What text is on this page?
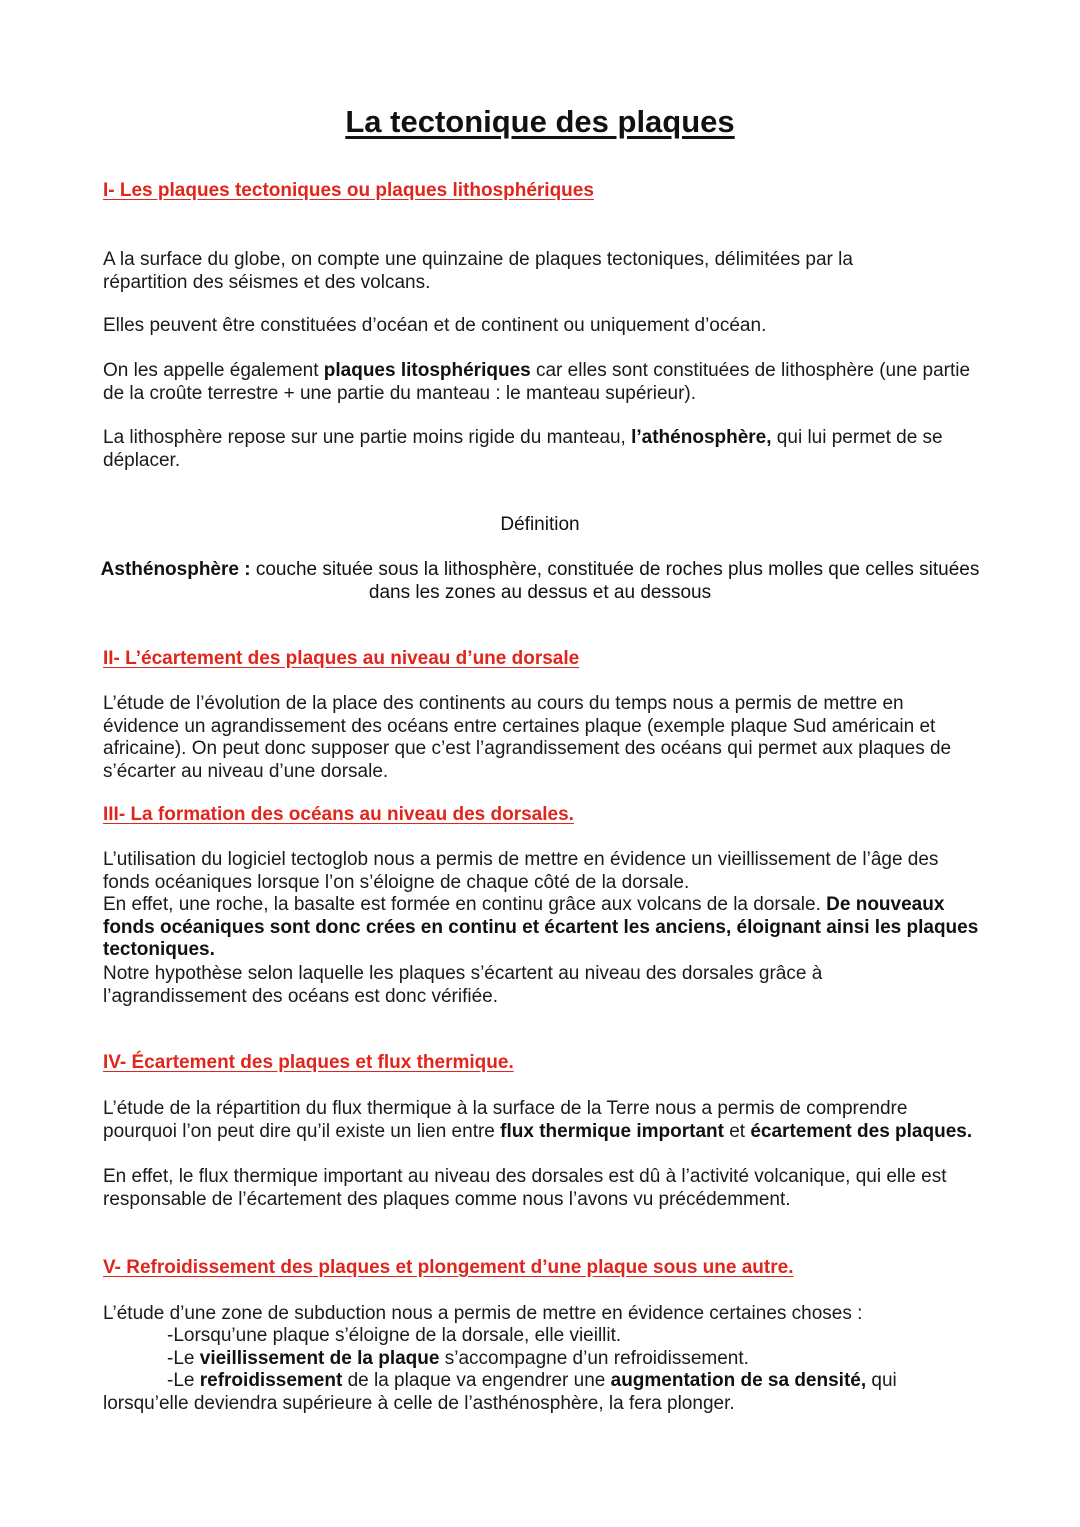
La tectonique des plaques
I- Les plaques tectoniques ou plaques lithosphériques

A la surface du globe, on compte une quinzaine de plaques tectoniques, délimitées par la répartition des séismes et des volcans.

Elles peuvent être constituées d’océan et de continent ou uniquement d’océan.

On les appelle également plaques litosphériques car elles sont constituées de lithosphère (une partie de la croûte terrestre + une partie du manteau : le manteau supérieur).

La lithosphère repose sur une partie moins rigide du manteau, l’athénosphère, qui lui permet de se déplacer.

Définition

Asthénosphère : couche située sous la lithosphère, constituée de roches plus molles que celles situées dans les zones au dessus et au dessous

II- L’écartement des plaques au niveau d’une dorsale

L’étude de l’évolution de la place des continents au cours du temps nous a permis de mettre en évidence un agrandissement des océans entre certaines plaque (exemple plaque Sud américain et africaine). On peut donc supposer que c’est l’agrandissement des océans qui permet aux plaques de s’écarter au niveau d’une dorsale.

III- La formation des océans au niveau des dorsales.

L’utilisation du logiciel tectoglob nous a permis de mettre en évidence un vieillissement de l’âge des fonds océaniques lorsque l’on s’éloigne de chaque côté de la dorsale.

En effet, une roche, la basalte est formée en continu grâce aux volcans de la dorsale. De nouveaux fonds océaniques sont donc crées en continu et écartent les anciens, éloignant ainsi les plaques tectoniques.

Notre hypothèse selon laquelle les plaques s’écartent au niveau des dorsales grâce à l’agrandissement des océans est donc vérifiée.

IV- Écartement des plaques et flux thermique.

L’étude de la répartition du flux thermique à la surface de la Terre nous a permis de comprendre pourquoi l’on peut dire qu’il existe un lien entre flux thermique important et écartement des plaques.

En effet, le flux thermique important au niveau des dorsales est dû à l’activité volcanique, qui elle est responsable de l’écartement des plaques comme nous l’avons vu précédemment.

V- Refroidissement des plaques et plongement d’une plaque sous une autre.

L’étude d’une zone de subduction nous a permis de mettre en évidence certaines choses :

-Lorsqu’une plaque s’éloigne de la dorsale, elle vieillit.
-Le vieillissement de la plaque s’accompagne d’un refroidissement.
-Le refroidissement de la plaque va engendrer une augmentation de sa densité, qui
lorsqu’elle deviendra supérieure à celle de l’asthénosphère, la fera plonger.
